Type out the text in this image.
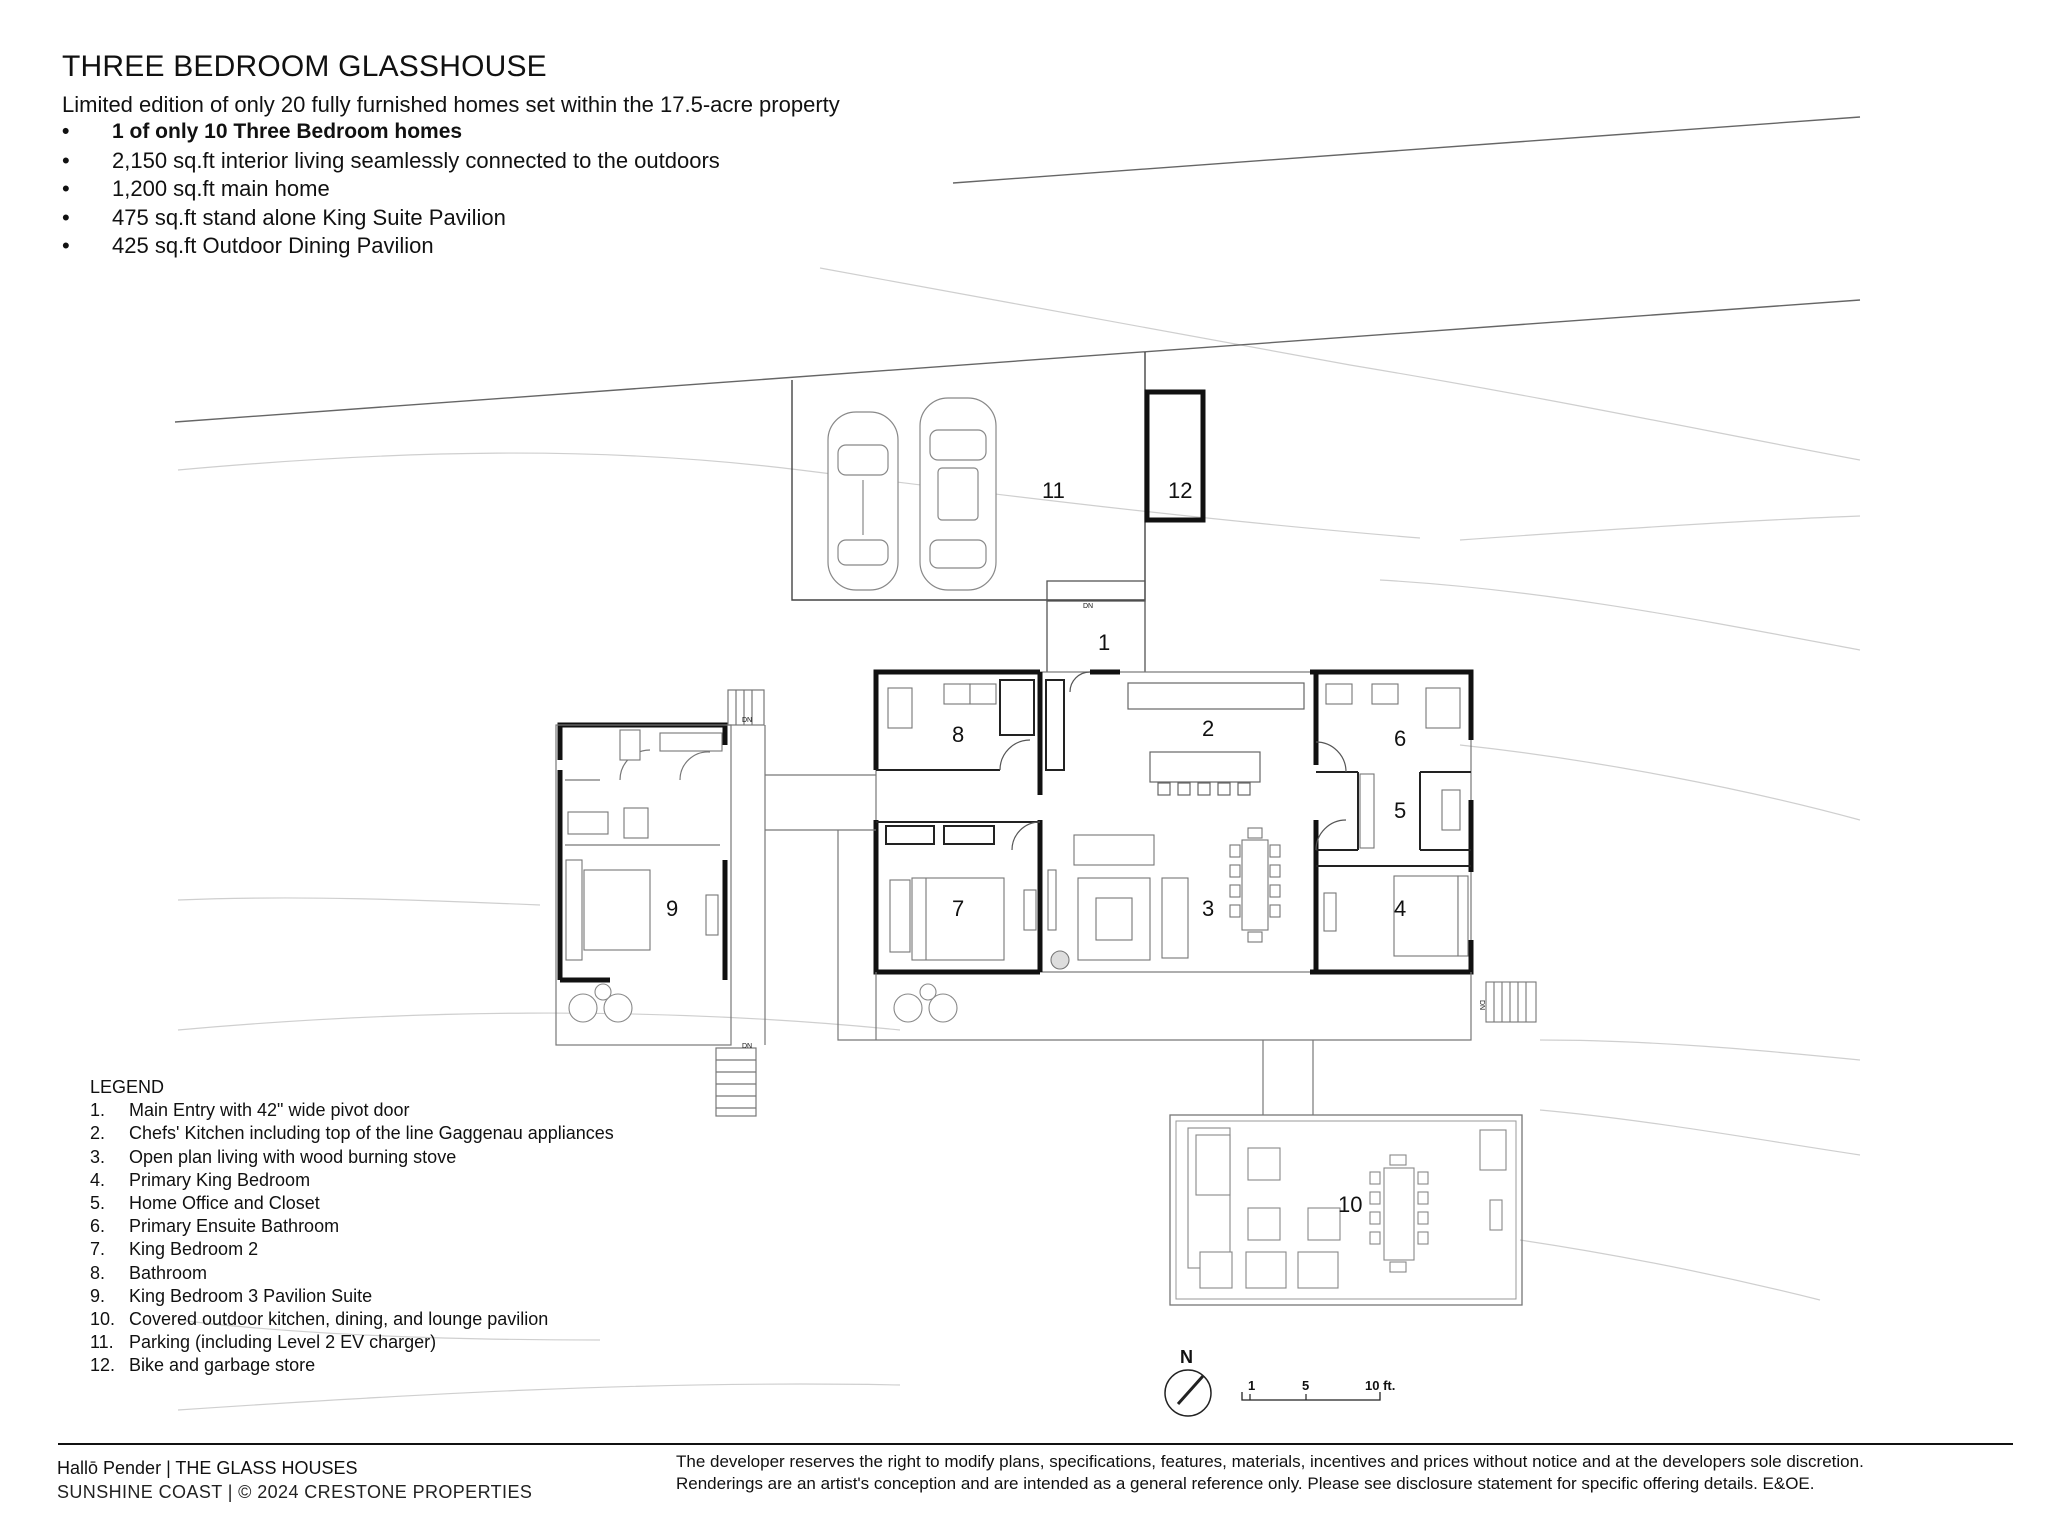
THREE BEDROOM GLASSHOUSE
Limited edition of only 20 fully furnished homes set within the 17.5-acre property
• 1 of only 10 Three Bedroom homes
• 2,150 sq.ft interior living seamlessly connected to the outdoors
• 1,200 sq.ft main home
• 475 sq.ft stand alone King Suite Pavilion
• 425 sq.ft Outdoor Dining Pavilion
DN
DN
DN
DN
1
2
3	4
5
6
7
8
9
10
11	12
N
1	5	10 ft.
LEGEND
1.	Main Entry with 42" wide pivot door
2.	Chefs' Kitchen including top of the line Gaggenau appliances
3.	Open plan living with wood burning stove
4.	Primary King Bedroom
5.	Home Office and Closet
6.	Primary Ensuite Bathroom
7.	King Bedroom 2
8.	Bathroom
9.	King Bedroom 3 Pavilion Suite
10. Covered outdoor kitchen, dining, and lounge pavilion
11. Parking (including Level 2 EV charger)
12. Bike and garbage store
Hallō Pender | THE GLASS HOUSES
SUNSHINE COAST | © 2024 CRESTONE PROPERTIES
The developer reserves the right to modify plans, specifications, features, materials, incentives and prices without notice and at the developers sole discretion.
Renderings are an artist's conception and are intended as a general reference only. Please see disclosure statement for specific offering details. E&OE.
